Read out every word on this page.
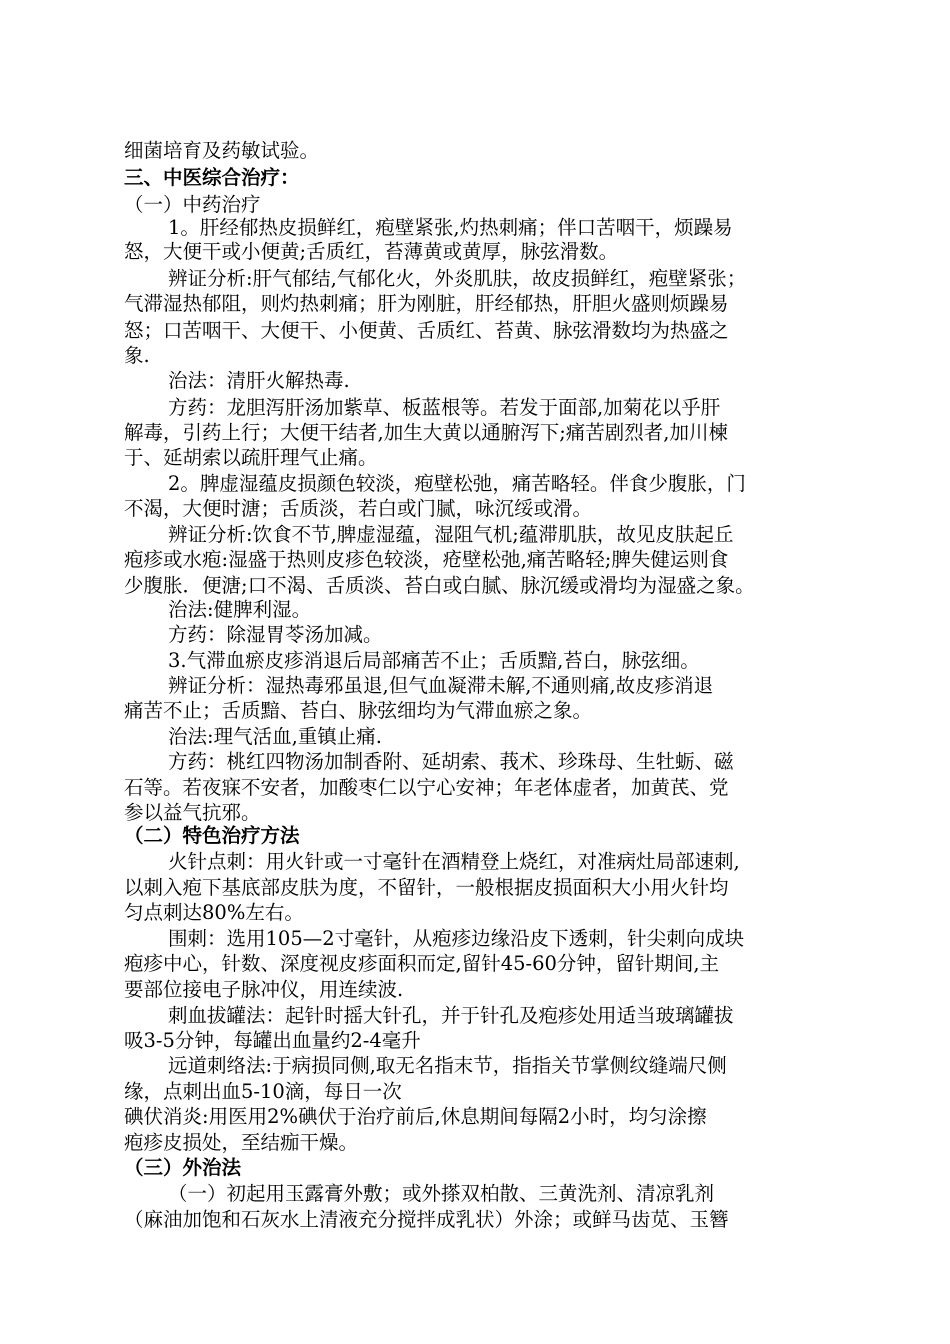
细菌培育及药敏试验。

三、中医综合治疗：

（一）中药治疗

1。肝经郁热皮损鲜红，疱壁紧张,灼热刺痛；伴口苦咽干，烦躁易

怒，大便干或小便黄;舌质红，苔薄黄或黄厚，脉弦滑数。

辨证分析:肝气郁结,气郁化火，外炎肌肤，故皮损鲜红，疱壁紧张；

气滞湿热郁阻，则灼热刺痛；肝为刚脏，肝经郁热，肝胆火盛则烦躁易

怒；口苦咽干、大便干、小便黄、舌质红、苔黄、脉弦滑数均为热盛之

象.

治法：清肝火解热毒.

方药：龙胆泻肝汤加紫草、板蓝根等。若发于面部,加菊花以乎肝

解毒，引药上行；大便干结者,加生大黄以通腑泻下;痛苦剧烈者,加川楝

于、延胡索以疏肝理气止痛。

2。脾虚湿蕴皮损颜色较淡，疱壁松弛，痛苦略轻。伴食少腹胀，门

不渴，大便时溏；舌质淡，若白或门腻，咏沉绥或滑。

辨证分析:饮食不节,脾虚湿蕴，湿阻气机;蕴滞肌肤，故见皮肤起丘

疱疹或水疱:湿盛于热则皮疹色较淡，疮壁松弛,痛苦略轻;脾失健运则食

少腹胀．便溏;口不渴、舌质淡、苔白或白腻、脉沉缓或滑均为湿盛之象。

治法:健脾利湿。

方药：除湿胃苓汤加减。

3.气滞血瘀皮疹消退后局部痛苦不止；舌质黯,苔白，脉弦细。

辨证分析：湿热毒邪虽退,但气血凝滞未解,不通则痛,故皮疹消退

痛苦不止；舌质黯、苔白、脉弦细均为气滞血瘀之象。

治法:理气活血,重镇止痛.

方药：桃红四物汤加制香附、延胡索、莪术、珍珠母、生牡蛎、磁

石等。若夜寐不安者，加酸枣仁以宁心安神；年老体虚者，加黄芪、党

参以益气抗邪。

（二）特色治疗方法

火针点刺：用火针或一寸毫针在酒精登上烧红，对准病灶局部速刺,

以刺入疱下基底部皮肤为度，不留针，一般根据皮损面积大小用火针均

匀点刺达80%左右。

围刺：选用105—2寸毫针，从疱疹边缘沿皮下透刺，针尖刺向成块

疱疹中心，针数、深度视皮疹面积而定,留针45-60分钟，留针期间,主

要部位接电子脉冲仪，用连续波.

刺血拔罐法：起针时摇大针孔，并于针孔及疱疹处用适当玻璃罐拔

吸3-5分钟，每罐出血量约2-4毫升

远道刺络法:于病损同侧,取无名指末节，指指关节掌侧纹缝端尺侧

缘，点刺出血5-10滴，每日一次

碘伏消炎:用医用2%碘伏于治疗前后,休息期间每隔2小时，均匀涂擦

疱疹皮损处，至结痂干燥。

（三）外治法

（一）初起用玉露膏外敷；或外搽双柏散、三黄洗剂、清凉乳剂

（麻油加饱和石灰水上清液充分搅拌成乳状）外涂；或鲜马齿苋、玉簪
